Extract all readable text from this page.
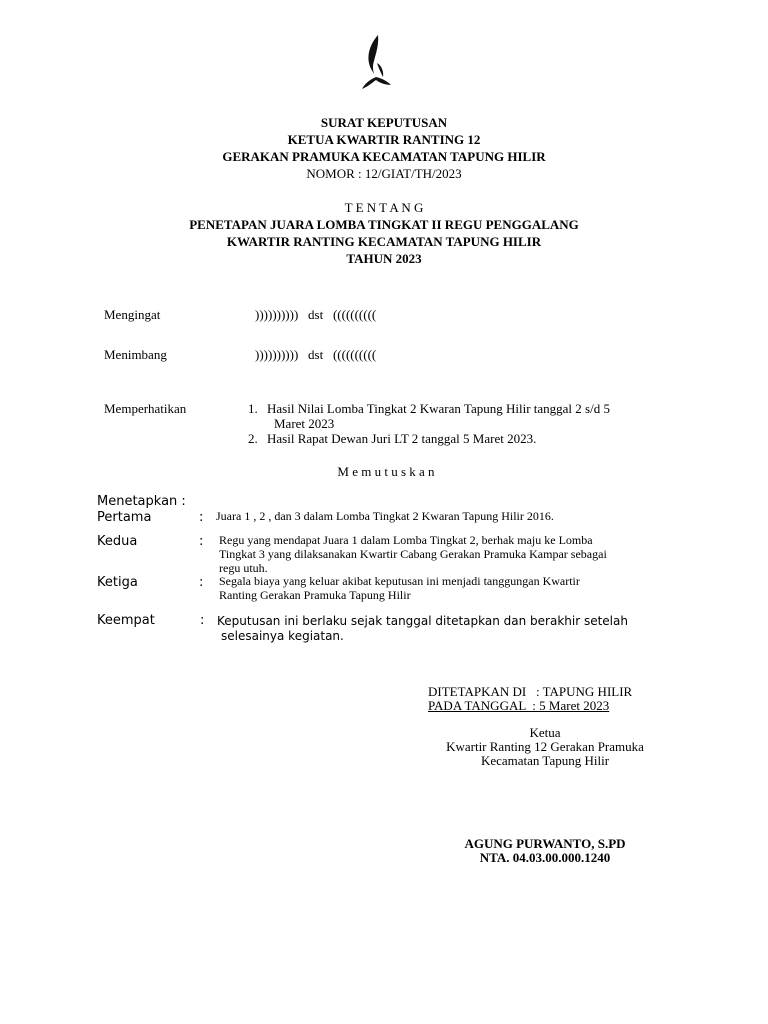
SURAT KEPUTUSAN
KETUA KWARTIR RANTING 12
GERAKAN PRAMUKA KECAMATAN TAPUNG HILIR
NOMOR : 12/GIAT/TH/2023
T E N T A N G
PENETAPAN JUARA LOMBA TINGKAT II REGU PENGGALANG
KWARTIR RANTING KECAMATAN TAPUNG HILIR
TAHUN 2023
Mengingat	))))))))))   dst   ((((((((((
Menimbang	))))))))))   dst   ((((((((((
Memperhatikan	1. Hasil Nilai Lomba Tingkat 2 Kwaran Tapung Hilir tanggal 2 s/d 5
Maret 2023
2. Hasil Rapat Dewan Juri LT 2 tanggal 5 Maret 2023.
M e m u t u s k a n
Menetapkan :
Pertama	: Juara 1 , 2 , dan 3 dalam Lomba Tingkat 2 Kwaran Tapung Hilir 2016.
Kedua	: Regu yang mendapat Juara 1 dalam Lomba Tingkat 2, berhak maju ke Lomba
Tingkat 3 yang dilaksanakan Kwartir Cabang Gerakan Pramuka Kampar sebagai
regu utuh.
Ketiga	: Segala biaya yang keluar akibat keputusan ini menjadi tanggungan Kwartir
Ranting Gerakan Pramuka Tapung Hilir
Keempat	: Keputusan ini berlaku sejak tanggal ditetapkan dan berakhir setelah
selesainya kegiatan.
DITETAPKAN DI   : TAPUNG HILIR
PADA TANGGAL  : 5 Maret 2023
Ketua
Kwartir Ranting 12 Gerakan Pramuka
Kecamatan Tapung Hilir
AGUNG PURWANTO, S.PD
NTA. 04.03.00.000.1240
